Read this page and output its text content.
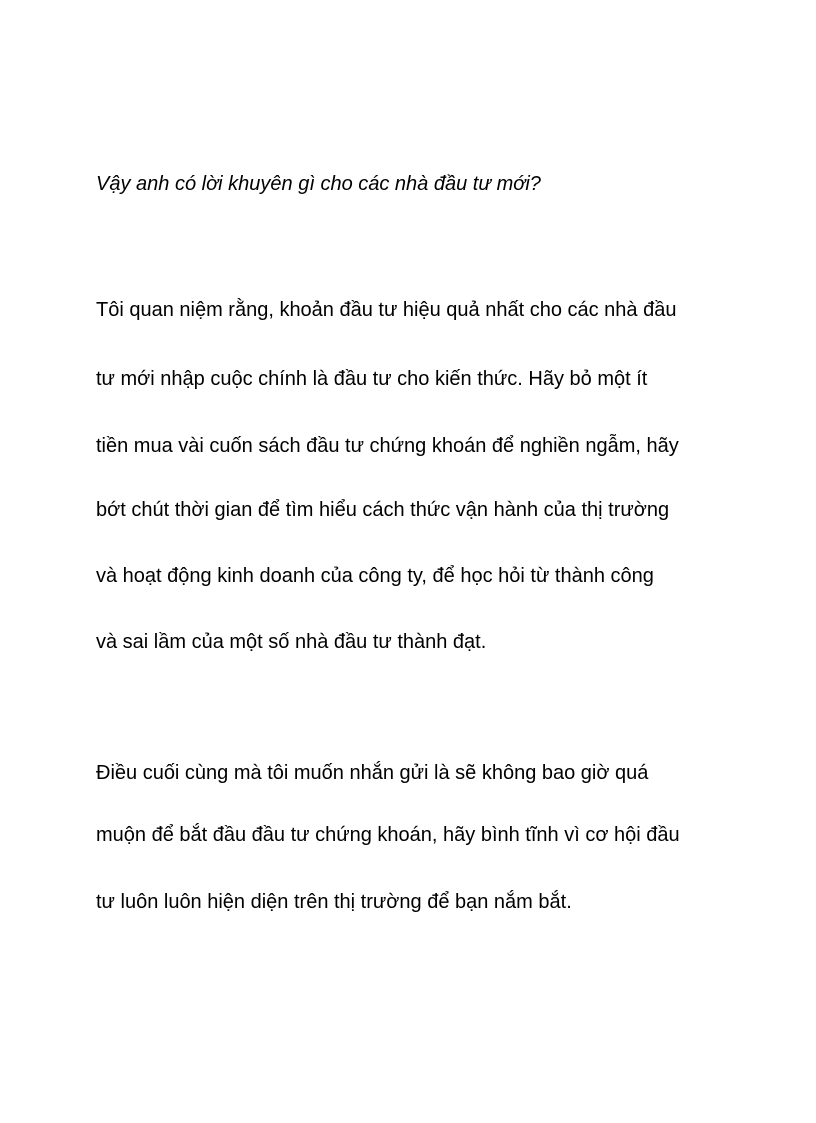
Vậy anh có lời khuyên gì cho các nhà đầu tư mới?

Tôi quan niệm rằng, khoản đầu tư hiệu quả nhất cho các nhà đầu

tư mới nhập cuộc chính là đầu tư cho kiến thức. Hãy bỏ một ít

tiền mua vài cuốn sách đầu tư chứng khoán để nghiền ngẫm, hãy

bớt chút thời gian để tìm hiểu cách thức vận hành của thị trường

và hoạt động kinh doanh của công ty, để học hỏi từ thành công

và sai lầm của một số nhà đầu tư thành đạt.

Điều cuối cùng mà tôi muốn nhắn gửi là sẽ không bao giờ quá

muộn để bắt đầu đầu tư chứng khoán, hãy bình tĩnh vì cơ hội đầu

tư luôn luôn hiện diện trên thị trường để bạn nắm bắt.
